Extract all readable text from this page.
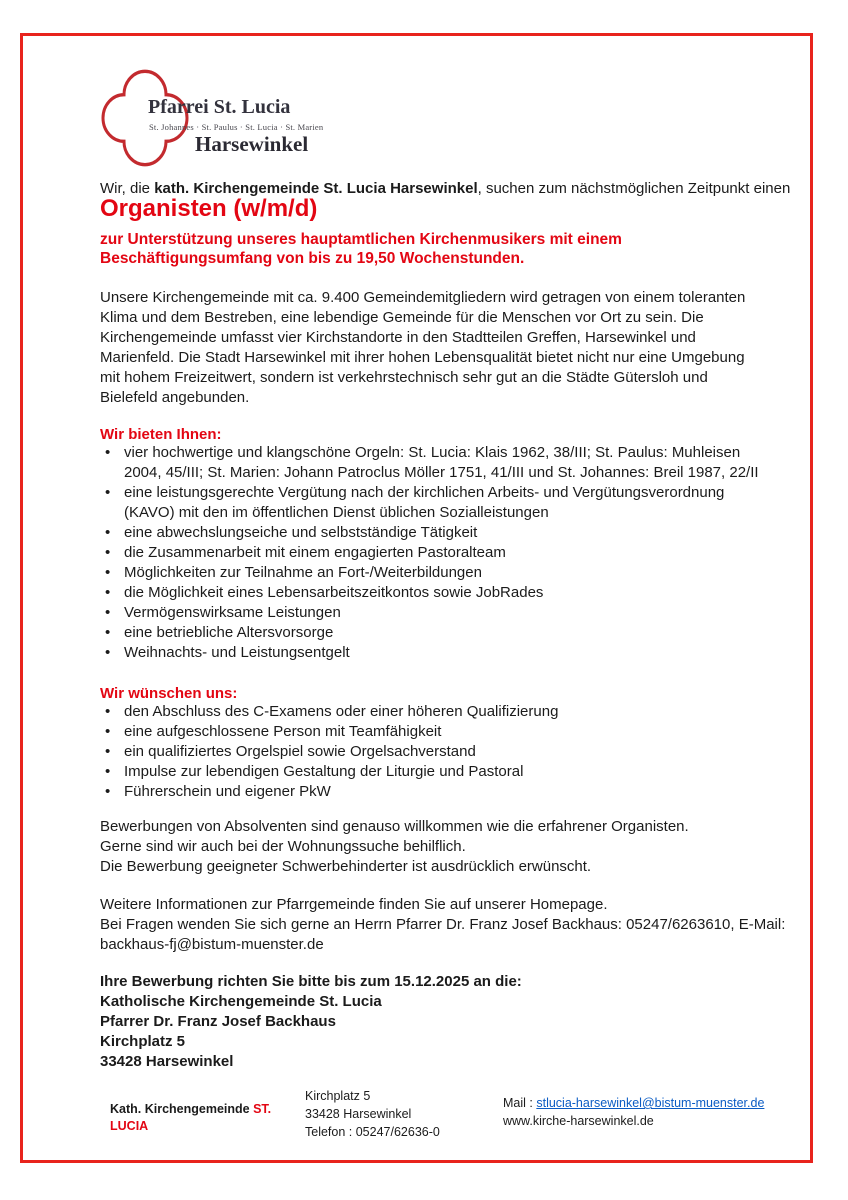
Pfarrei St. Lucia
St. Johannes · St. Paulus · St. Lucia · St. Marien
Harsewinkel

Wir, die kath. Kirchengemeinde St. Lucia Harsewinkel, suchen zum nächstmöglichen Zeitpunkt einen

Organisten (w/m/d)

zur Unterstützung unseres hauptamtlichen Kirchenmusikers mit einem
Beschäftigungsumfang von bis zu 19,50 Wochenstunden.

Unsere Kirchengemeinde mit ca. 9.400 Gemeindemitgliedern wird getragen von einem toleranten Klima und dem Bestreben, eine lebendige Gemeinde für die Menschen vor Ort zu sein. Die Kirchengemeinde umfasst vier Kirchstandorte in den Stadtteilen Greffen, Harsewinkel und Marienfeld. Die Stadt Harsewinkel mit ihrer hohen Lebensqualität bietet nicht nur eine Umgebung mit hohem Freizeitwert, sondern ist verkehrstechnisch sehr gut an die Städte Gütersloh und Bielefeld angebunden.

Wir bieten Ihnen:
• vier hochwertige und klangschöne Orgeln: St. Lucia: Klais 1962, 38/III; St. Paulus: Muhleisen 2004, 45/III; St. Marien: Johann Patroclus Möller 1751, 41/III und St. Johannes: Breil 1987, 22/II
• eine leistungsgerechte Vergütung nach der kirchlichen Arbeits- und Vergütungsverordnung (KAVO) mit den im öffentlichen Dienst üblichen Sozialleistungen
• eine abwechslungseiche und selbstständige Tätigkeit
• die Zusammenarbeit mit einem engagierten Pastoralteam
• Möglichkeiten zur Teilnahme an Fort-/Weiterbildungen
• die Möglichkeit eines Lebensarbeitszeitkontos sowie JobRades
• Vermögenswirksame Leistungen
• eine betriebliche Altersvorsorge
• Weihnachts- und Leistungsentgelt
Wir wünschen uns:
• den Abschluss des C-Examens oder einer höheren Qualifizierung
• eine aufgeschlossene Person mit Teamfähigkeit
• ein qualifiziertes Orgelspiel sowie Orgelsachverstand
• Impulse zur lebendigen Gestaltung der Liturgie und Pastoral
• Führerschein und eigener PkW

Bewerbungen von Absolventen sind genauso willkommen wie die erfahrener Organisten.
Gerne sind wir auch bei der Wohnungssuche behilflich.
Die Bewerbung geeigneter Schwerbehinderter ist ausdrücklich erwünscht.

Weitere Informationen zur Pfarrgemeinde finden Sie auf unserer Homepage.
Bei Fragen wenden Sie sich gerne an Herrn Pfarrer Dr. Franz Josef Backhaus: 05247/6263610, E-Mail:
backhaus-fj@bistum-muenster.de

Ihre Bewerbung richten Sie bitte bis zum 15.12.2025 an die:
Katholische Kirchengemeinde St. Lucia
Pfarrer Dr. Franz Josef Backhaus
Kirchplatz 5
33428 Harsewinkel

Kath. Kirchengemeinde ST. LUCIA
Kirchplatz 5
33428 Harsewinkel
Telefon : 05247/62636-0
Mail : stlucia-harsewinkel@bistum-muenster.de
www.kirche-harsewinkel.de
